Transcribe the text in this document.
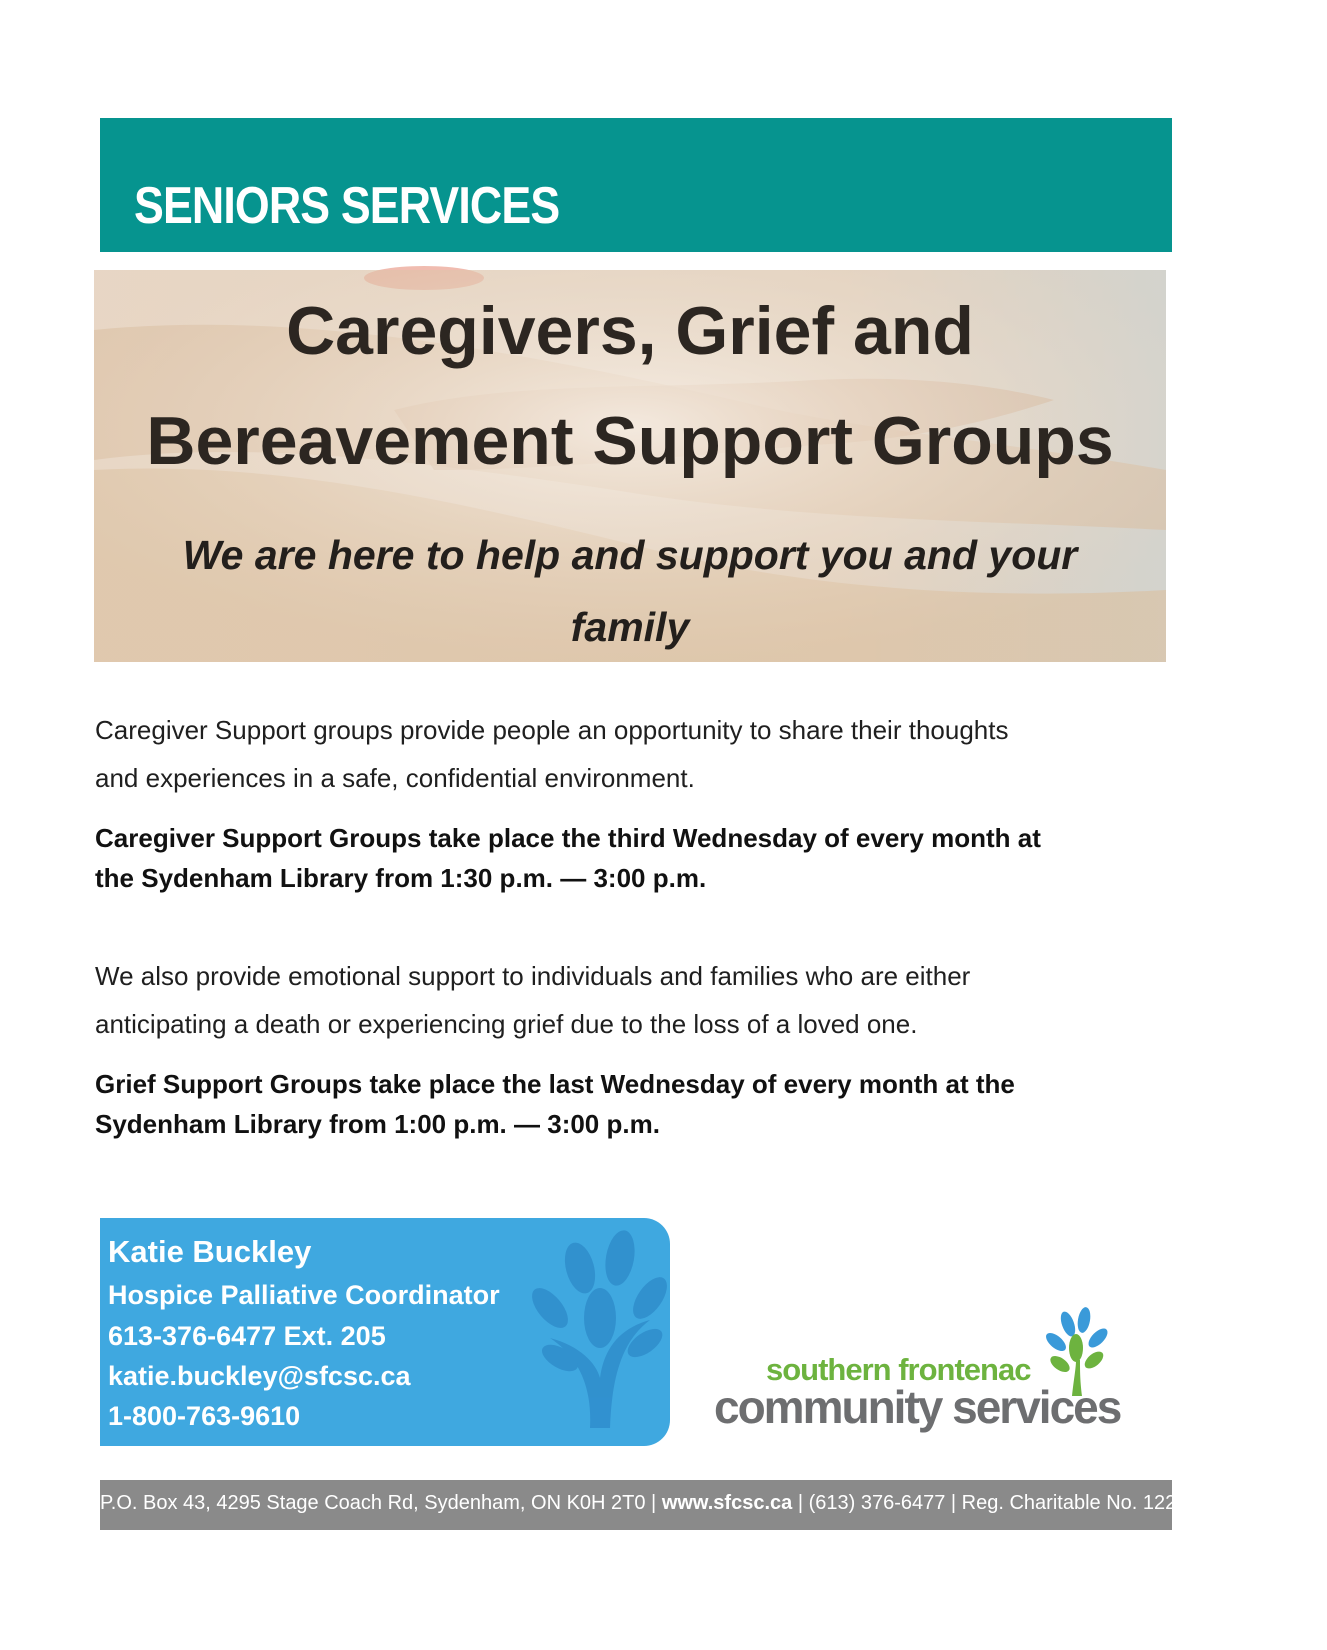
SENIORS SERVICES
Caregivers, Grief and
Bereavement Support Groups
We are here to help and support you and your
family
Caregiver Support groups provide people an opportunity to share their thoughts
and experiences in a safe, confidential environment.
Caregiver Support Groups take place the third Wednesday of every month at
the Sydenham Library from 1:30 p.m. — 3:00 p.m.
We also provide emotional support to individuals and families who are either
anticipating a death or experiencing grief due to the loss of a loved one.
Grief Support Groups take place the last Wednesday of every month at the
Sydenham Library from 1:00 p.m. — 3:00 p.m.
Katie Buckley
Hospice Palliative Coordinator
613-376-6477 Ext. 205
katie.buckley@sfcsc.ca
1-800-763-9610
southern frontenac
community services
P.O. Box 43, 4295 Stage Coach Rd, Sydenham, ON K0H 2T0 | www.sfcsc.ca | (613) 376-6477 | Reg. Charitable No. 122150204 RR 0001
